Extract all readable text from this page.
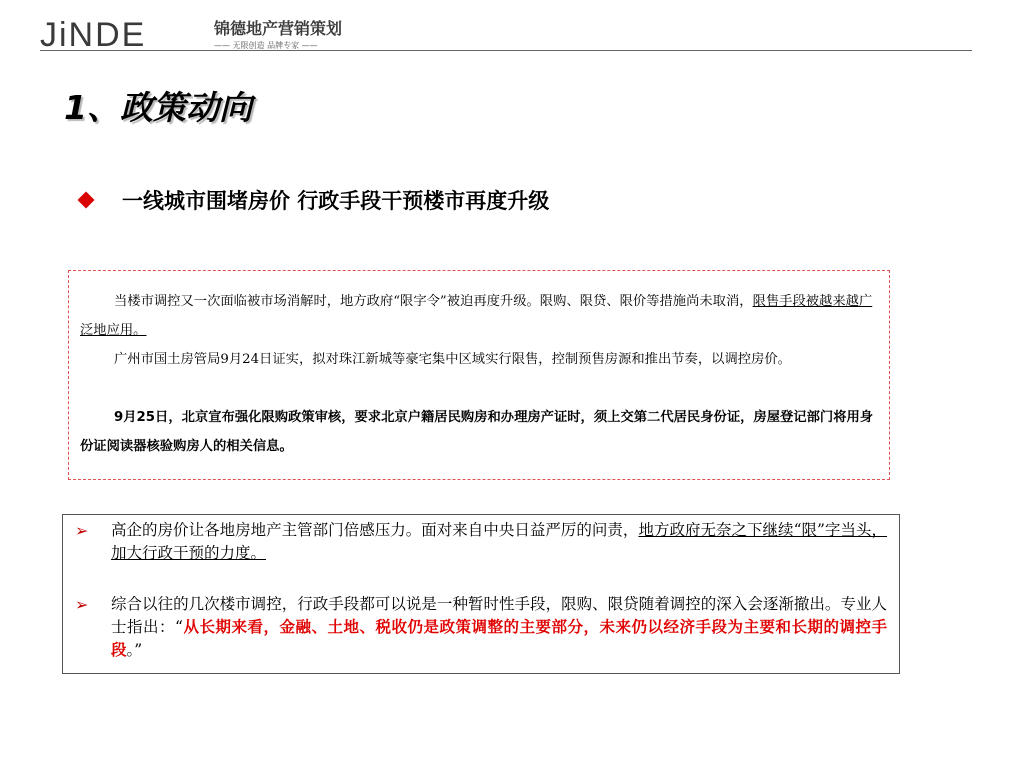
JiNDE	锦德地产营销策划
—— 无限创造 品牌专家 ——
1、政策动向
一线城市围堵房价 行政手段干预楼市再度升级

当楼市调控又一次面临被市场消解时，地方政府“限字令”被迫再度升级。限购、限贷、限价等措施尚未取消，限售手段被越来越广泛地应用。

广州市国土房管局9月24日证实，拟对珠江新城等豪宅集中区域实行限售，控制预售房源和推出节奏，以调控房价。

9月25日，北京宣布强化限购政策审核，要求北京户籍居民购房和办理房产证时，须上交第二代居民身份证，房屋登记部门将用身份证阅读器核验购房人的相关信息。

➢ 高企的房价让各地房地产主管部门倍感压力。面对来自中央日益严厉的问责，地方政府无奈之下继续“限”字当头，加大行政干预的力度。
➢ 综合以往的几次楼市调控，行政手段都可以说是一种暂时性手段，限购、限贷随着调控的深入会逐渐撤出。专业人士指出：“从长期来看，金融、土地、税收仍是政策调整的主要部分，未来仍以经济手段为主要和长期的调控手段。”
